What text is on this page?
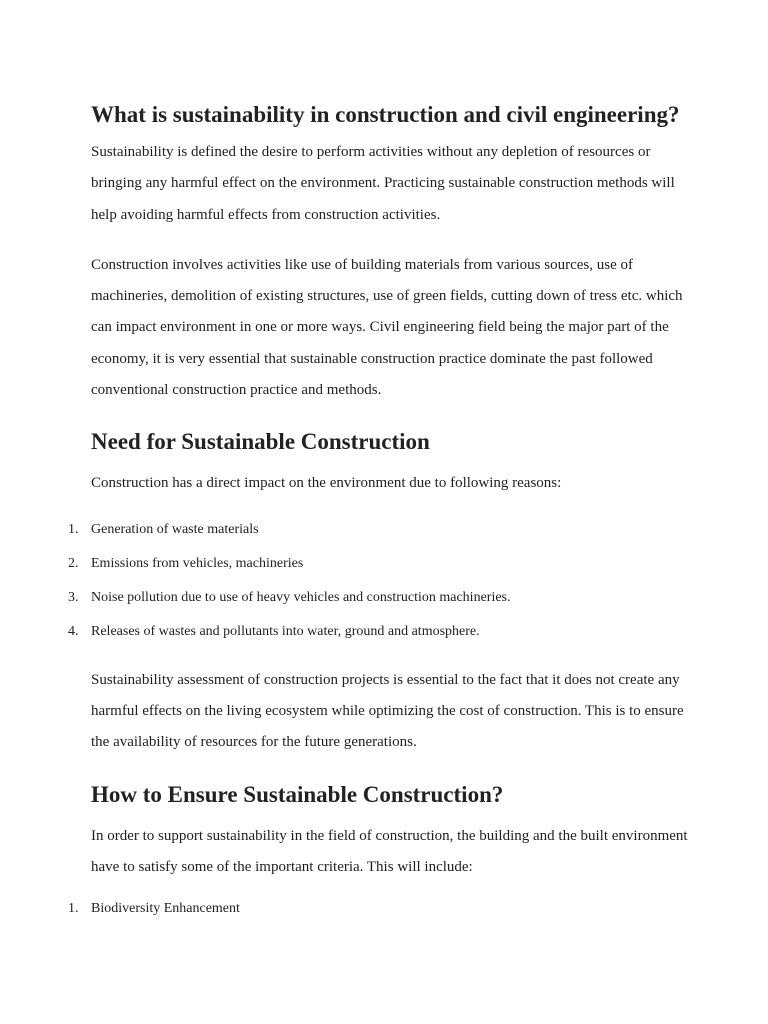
What is sustainability in construction and civil engineering?

Sustainability is defined the desire to perform activities without any depletion of resources or bringing any harmful effect on the environment. Practicing sustainable construction methods will help avoiding harmful effects from construction activities.

Construction involves activities like use of building materials from various sources, use of machineries, demolition of existing structures, use of green fields, cutting down of tress etc. which can impact environment in one or more ways. Civil engineering field being the major part of the economy, it is very essential that sustainable construction practice dominate the past followed conventional construction practice and methods.

Need for Sustainable Construction

Construction has a direct impact on the environment due to following reasons:

1. Generation of waste materials
2. Emissions from vehicles, machineries
3. Noise pollution due to use of heavy vehicles and construction machineries.
4. Releases of wastes and pollutants into water, ground and atmosphere.

Sustainability assessment of construction projects is essential to the fact that it does not create any harmful effects on the living ecosystem while optimizing the cost of construction. This is to ensure the availability of resources for the future generations.

How to Ensure Sustainable Construction?

In order to support sustainability in the field of construction, the building and the built environment have to satisfy some of the important criteria. This will include:

1. Biodiversity Enhancement
